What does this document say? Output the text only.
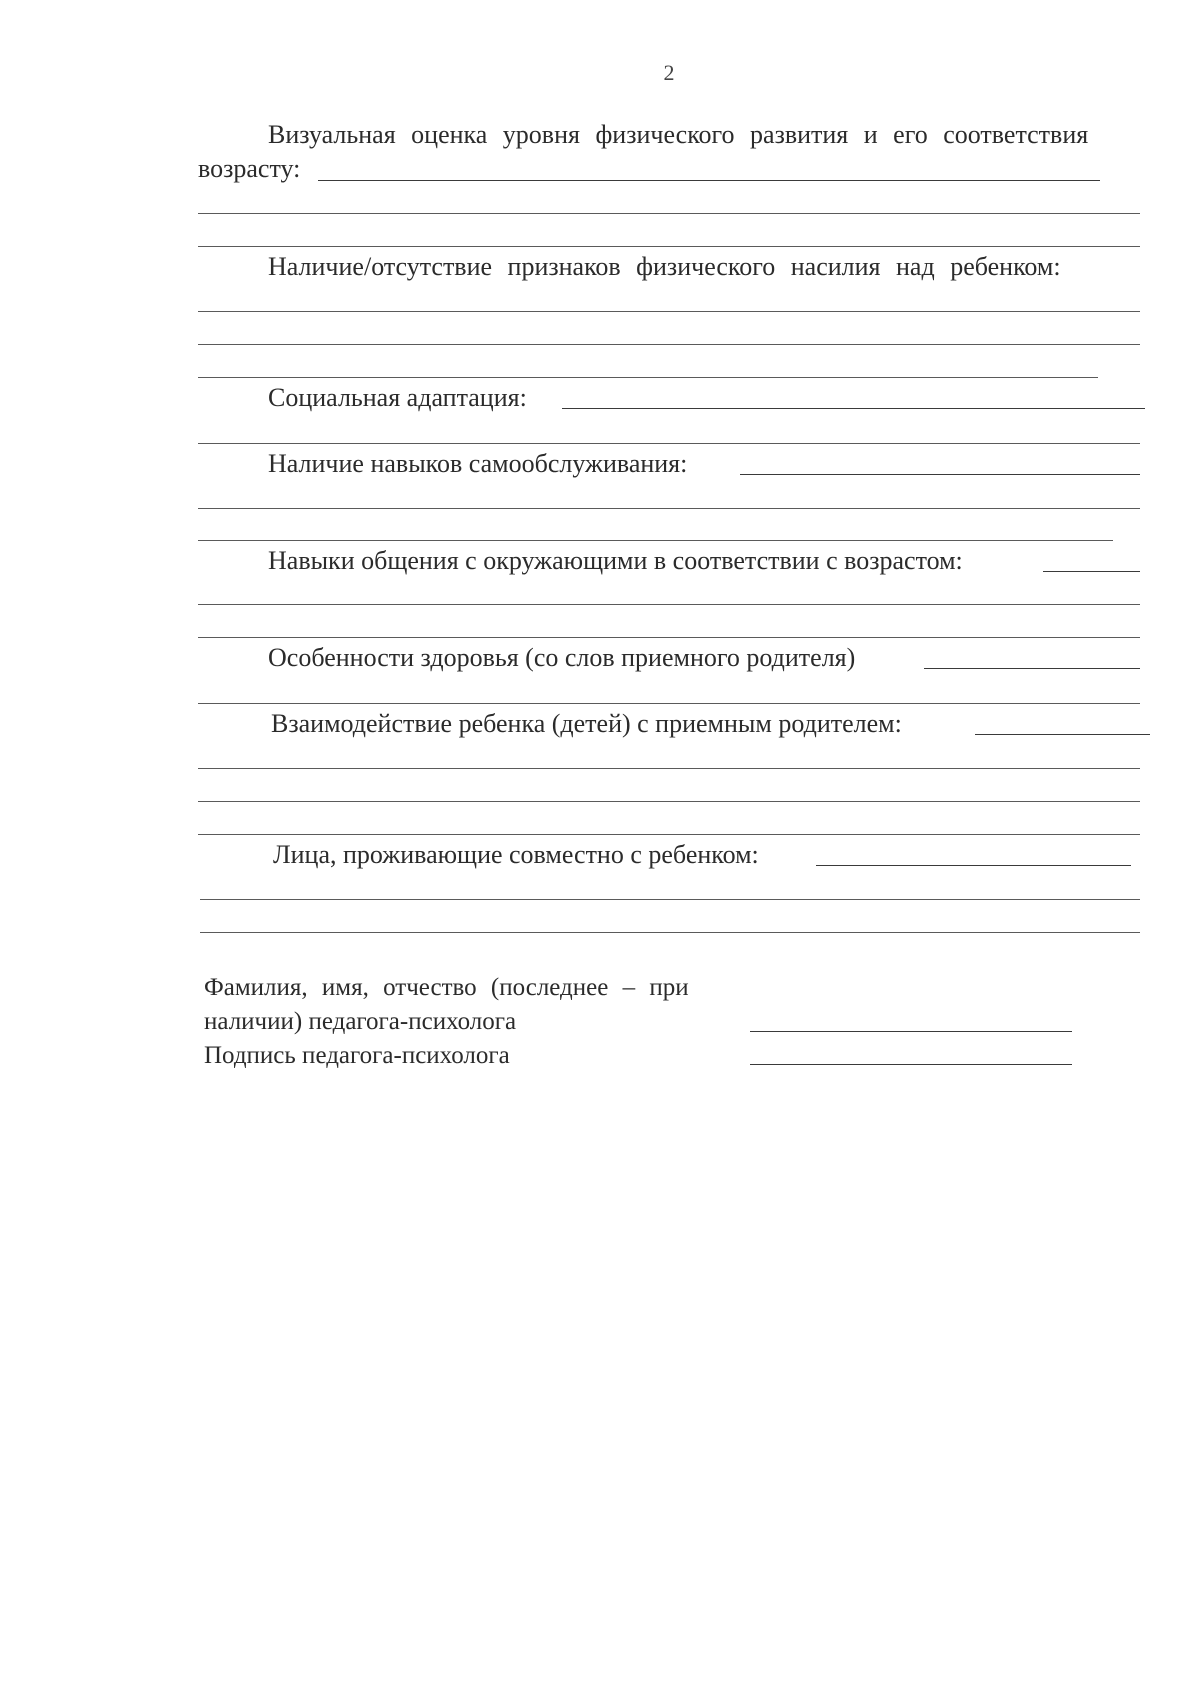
2
Визуальная оценка уровня физического развития и его соответствия
возрасту:
Наличие/отсутствие признаков физического насилия над ребенком:
Социальная адаптация:
Наличие навыков самообслуживания:
Навыки общения с окружающими в соответствии с возрастом:
Особенности здоровья (со слов приемного родителя)
Взаимодействие ребенка (детей) с приемным родителем:
Лица, проживающие совместно с ребенком:
Фамилия, имя, отчество (последнее – при
наличии) педагога-психолога
Подпись педагога-психолога
